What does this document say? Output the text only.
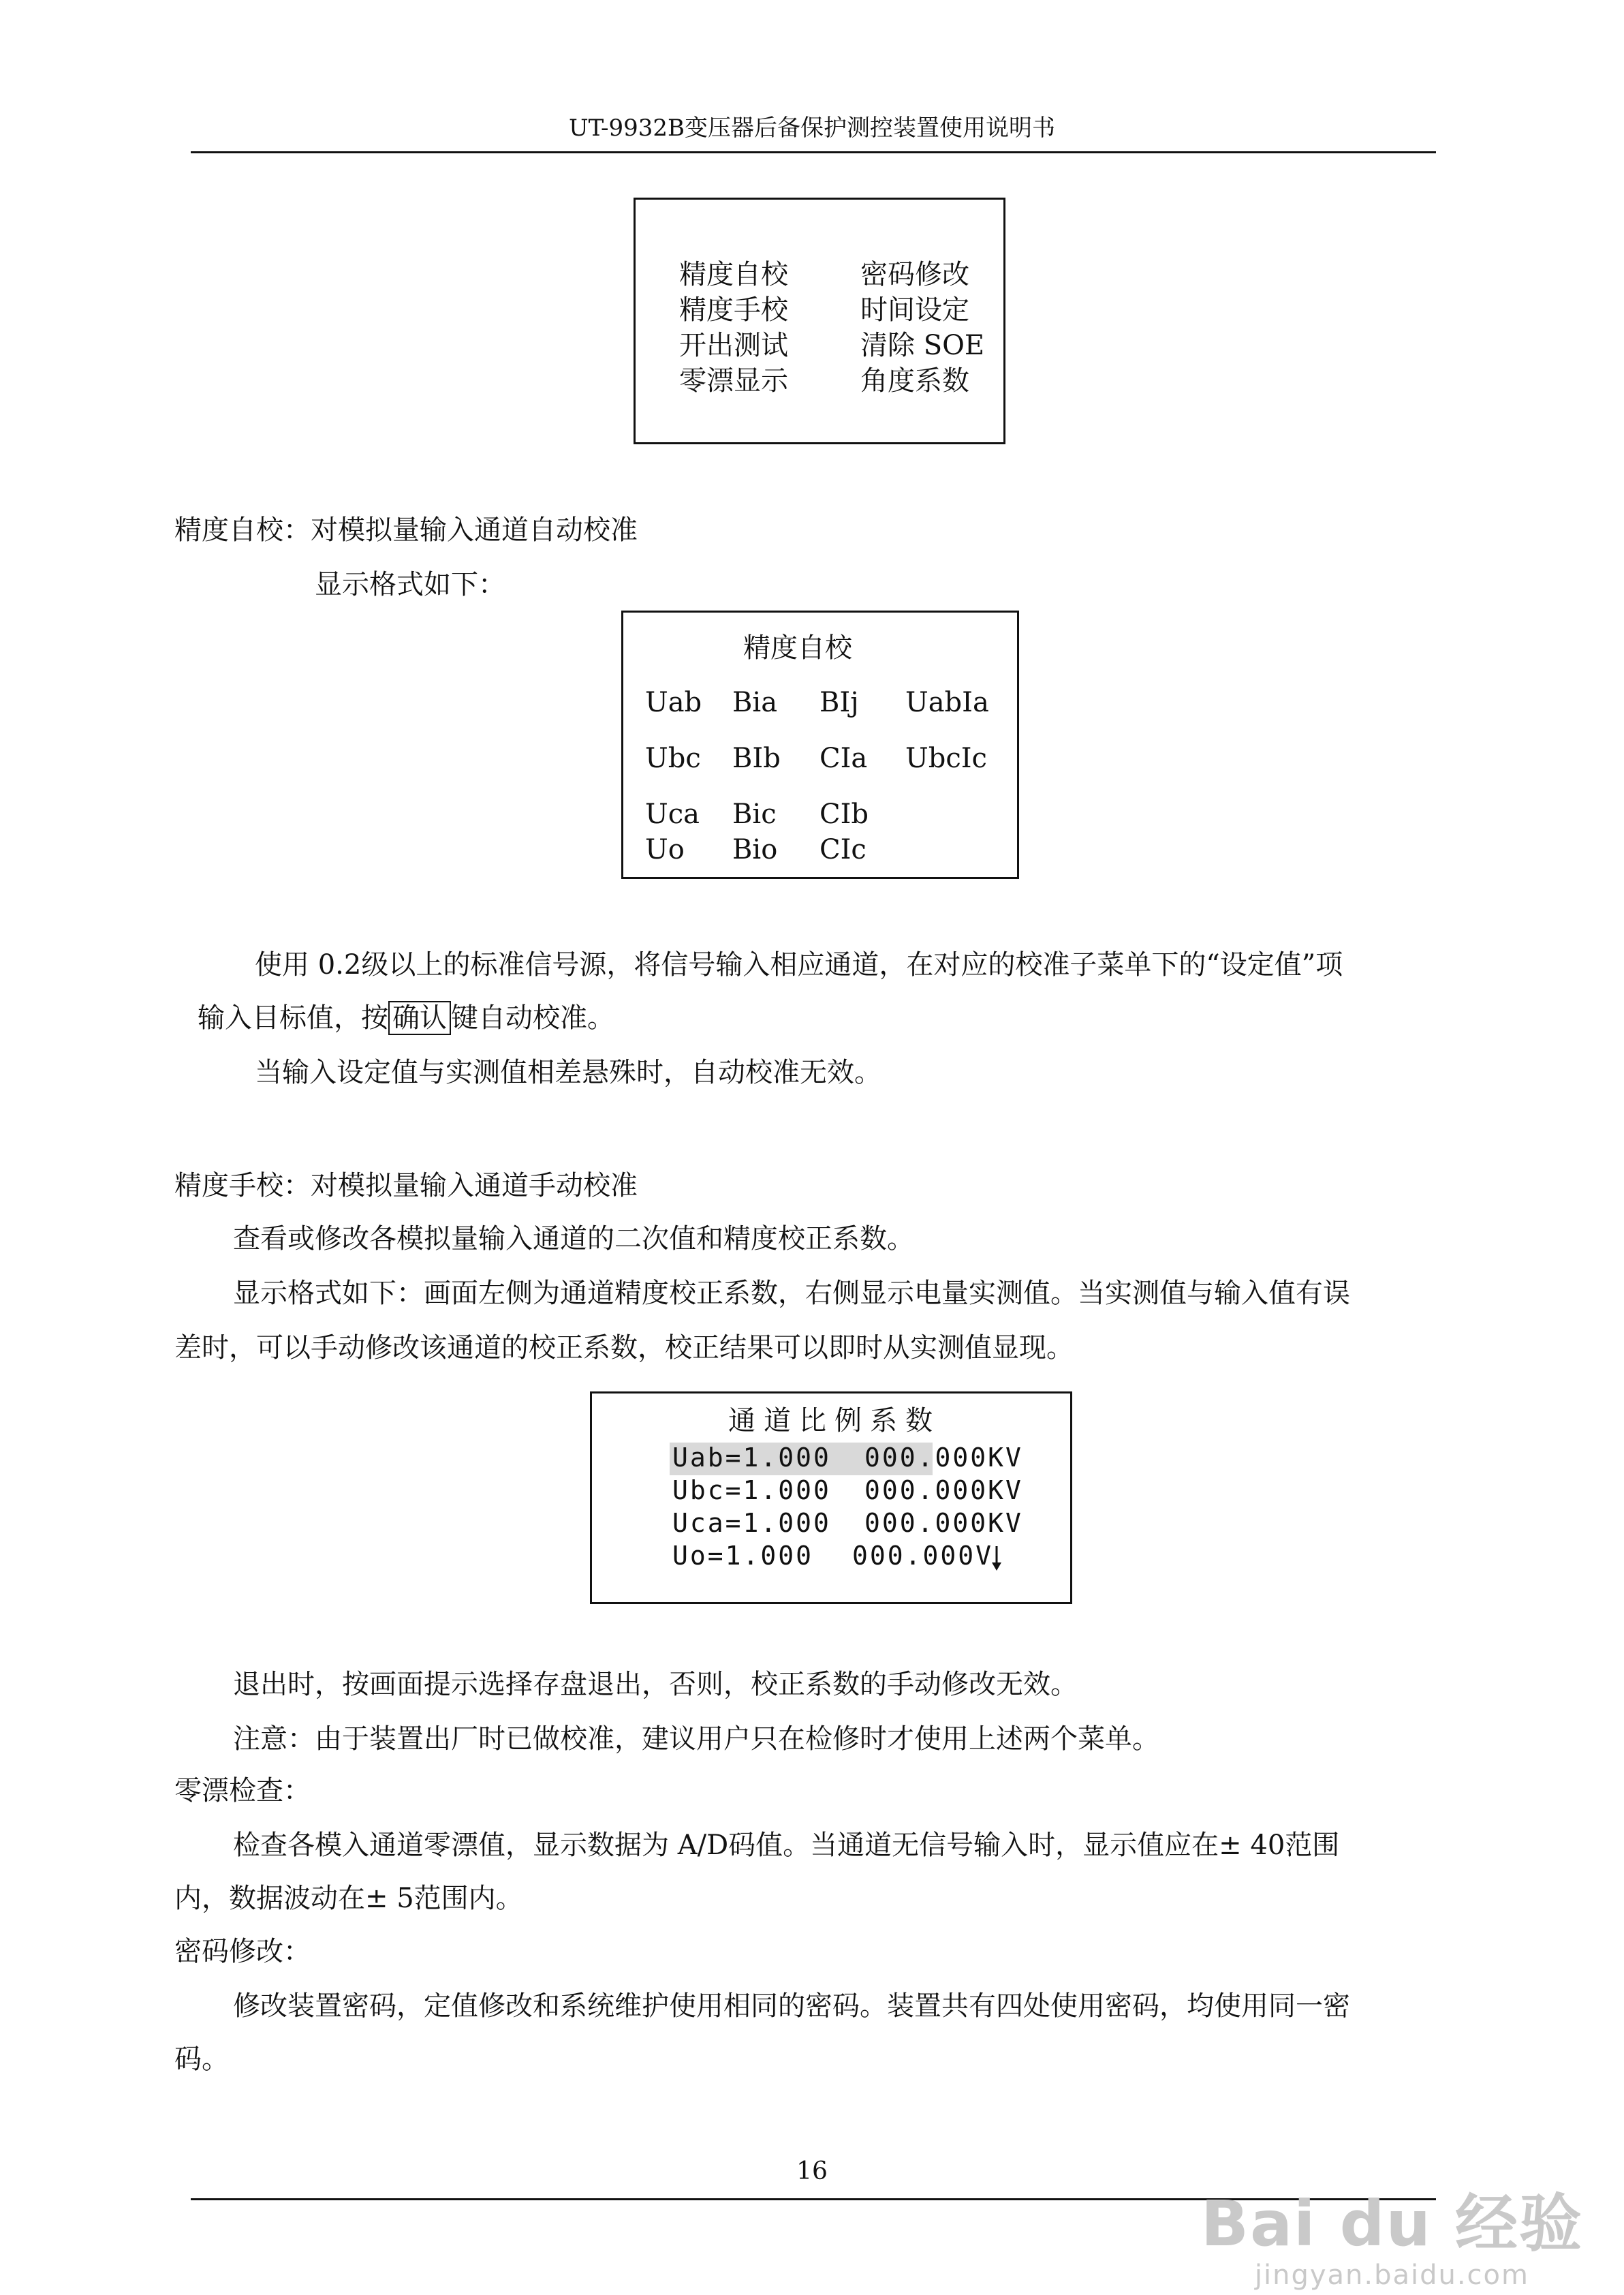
UT-9932B变压器后备保护测控装置使用说明书
精度自校
精度手校
开出测试
零漂显示
密码修改
时间设定
清除 SOE
角度系数
精度自校：对模拟量输入通道自动校准
显示格式如下：
精度自校
Uab Bia BIj UabIa
Ubc BIb CIa UbcIc
Uca Bic CIb
Uo Bio CIc
使用 0.2级以上的标准信号源，将信号输入相应通道，在对应的校准子菜单下的“设定值”项
输入目标值，按 确认 键自动校准。
当输入设定值与实测值相差悬殊时，自动校准无效。
精度手校：对模拟量输入通道手动校准
查看或修改各模拟量输入通道的二次值和精度校正系数。
显示格式如下：画面左侧为通道精度校正系数，右侧显示电量实测值。当实测值与输入值有误
差时，可以手动修改该通道的校正系数，校正结果可以即时从实测值显现。
通道比例系数
Uab=1.000 000.000KV
Ubc=1.000 000.000KV
Uca=1.000 000.000KV
Uo=1.000 000.000V
退出时，按画面提示选择存盘退出，否则，校正系数的手动修改无效。
注意：由于装置出厂时已做校准，建议用户只在检修时才使用上述两个菜单。
零漂检查：
检查各模入通道零漂值，显示数据为 A/D码值。当通道无信号输入时，显示值应在± 40范围
内，数据波动在± 5范围内。
密码修改：
修改装置密码，定值修改和系统维护使用相同的密码。装置共有四处使用密码，均使用同一密
码。
16
Bai du 经验
jingyan.baidu.com
